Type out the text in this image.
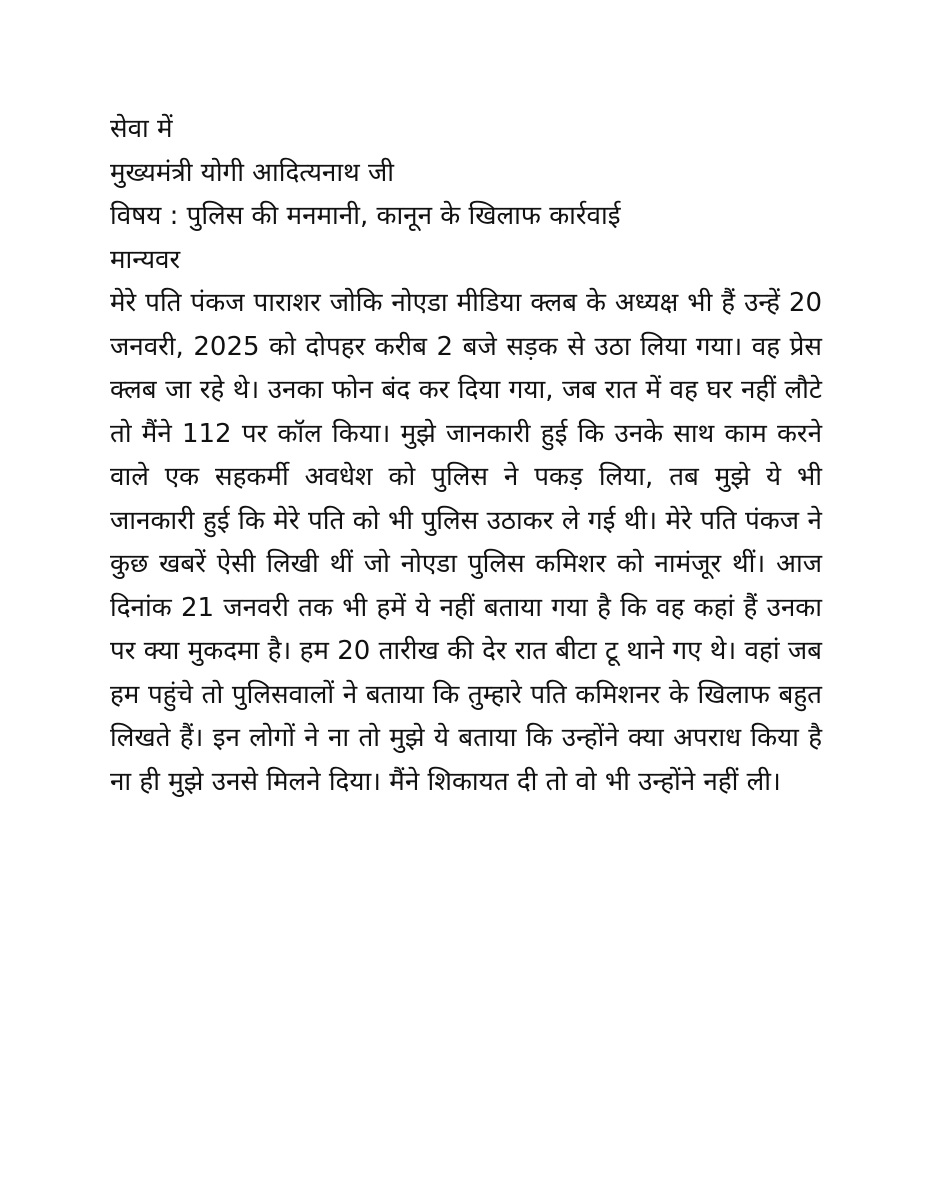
सेवा में

मुख्यमंत्री योगी आदित्यनाथ जी

विषय : पुलिस की मनमानी, कानून के खिलाफ कार्रवाई

मान्यवर

मेरे पति पंकज पाराशर जोकि नोएडा मीडिया क्लब के अध्यक्ष भी हैं उन्हें 20 जनवरी, 2025 को दोपहर करीब 2 बजे सड़क से उठा लिया गया। वह प्रेस क्लब जा रहे थे। उनका फोन बंद कर दिया गया, जब रात में वह घर नहीं लौटे तो मैंने 112 पर कॉल किया। मुझे जानकारी हुई कि उनके साथ काम करने वाले एक सहकर्मी अवधेश को पुलिस ने पकड़ लिया, तब मुझे ये भी जानकारी हुई कि मेरे पति को भी पुलिस उठाकर ले गई थी। मेरे पति पंकज ने कुछ खबरें ऐसी लिखी थीं जो नोएडा पुलिस कमिशर को नामंजूर थीं। आज दिनांक 21 जनवरी तक भी हमें ये नहीं बताया गया है कि वह कहां हैं उनका पर क्या मुकदमा है। हम 20 तारीख की देर रात बीटा टू थाने गए थे। वहां जब हम पहुंचे तो पुलिसवालों ने बताया कि तुम्हारे पति कमिशनर के खिलाफ बहुत लिखते हैं। इन लोगों ने ना तो मुझे ये बताया कि उन्होंने क्या अपराध किया है ना ही मुझे उनसे मिलने दिया। मैंने शिकायत दी तो वो भी उन्होंने नहीं ली।
